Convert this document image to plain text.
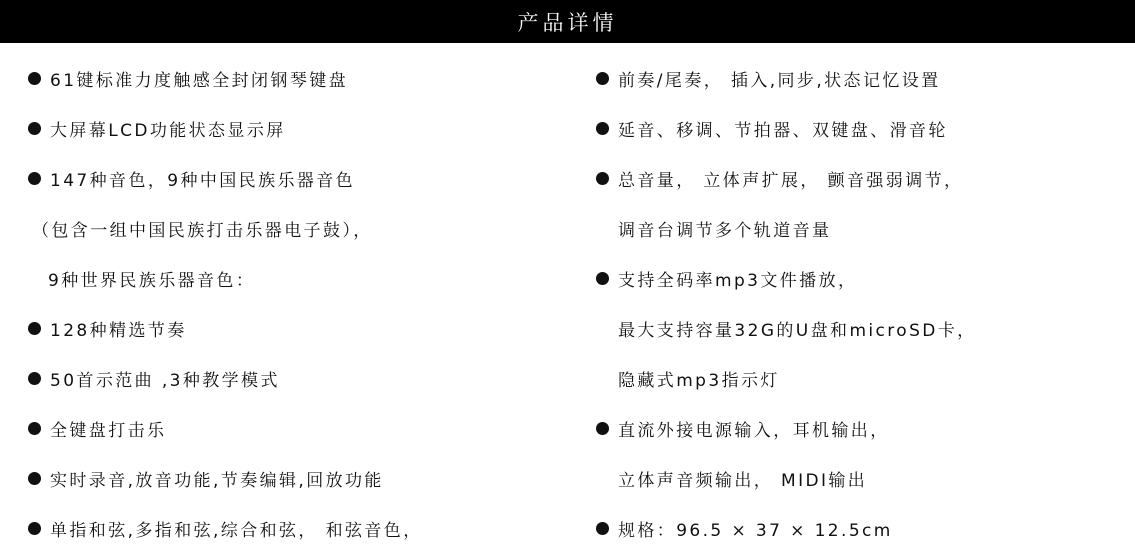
产品详情
61键标准力度触感全封闭钢琴键盘
大屏幕LCD功能状态显示屏
147种音色，9种中国民族乐器音色
（包含一组中国民族打击乐器电子鼓），
9种世界民族乐器音色：
128种精选节奏
50首示范曲 ,3种教学模式
全键盘打击乐
实时录音,放音功能,节奏编辑,回放功能
单指和弦,多指和弦,综合和弦， 和弦音色，
前奏/尾奏， 插入,同步,状态记忆设置
延音、移调、节拍器、双键盘、滑音轮
总音量， 立体声扩展， 颤音强弱调节，
调音台调节多个轨道音量
支持全码率mp3文件播放，
最大支持容量32G的U盘和microSD卡，
隐藏式mp3指示灯
直流外接电源输入，耳机输出，
立体声音频输出， MIDI输出
规格：96.5 × 37 × 12.5cm
